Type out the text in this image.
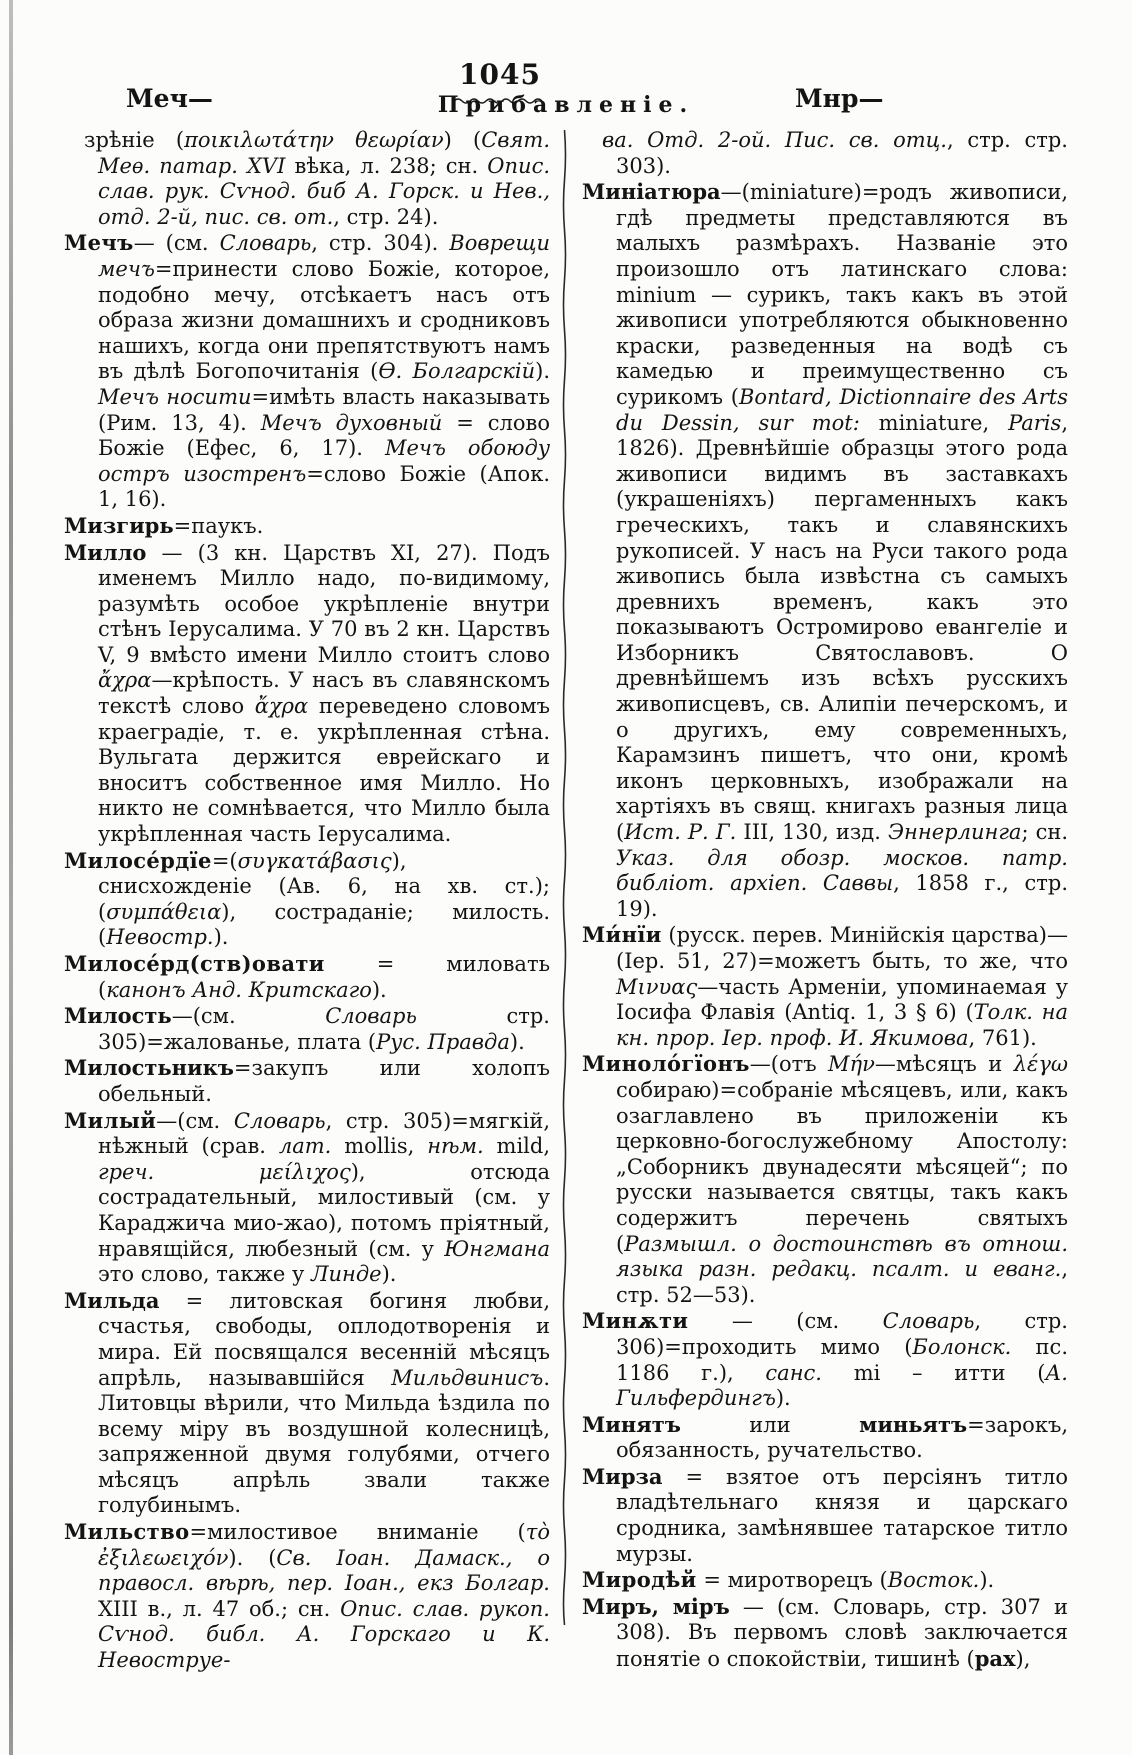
1045
Меч—	Прибавленіе.	Мнр—

зрѣніе (ποικιλωτάτην θεωρίαν) (Свят. Меѳ. патар. XVI вѣка, л. 238; сн. Опис. слав. рук. Сѵнод. биб А. Горск. и Нев., отд. 2-й, пис. св. от., стр. 24).

Мечъ— (см. Словарь, стр. 304). Воврещи мечъ=принести слово Божіе, которое, подобно мечу, отсѣкаетъ насъ отъ образа жизни домашнихъ и сродниковъ нашихъ, когда они препятствуютъ намъ въ дѣлѣ Богопочитанія (Ѳ. Болгарскій). Мечъ носити=имѣть власть наказывать (Рим. 13, 4). Мечъ духовный = слово Божіе (Ефес, 6, 17). Мечъ обоюду остръ изостренъ=слово Божіе (Апок. 1, 16).

Мизгирь=паукъ.

Милло — (3 кн. Царствъ XI, 27). Подъ именемъ Милло надо, по-видимому, разумѣть особое укрѣпленіе внутри стѣнъ Іерусалима. У 70 въ 2 кн. Царствъ V, 9 вмѣсто имени Милло стоитъ слово ἄχρα—крѣпость. У насъ въ славянскомъ текстѣ слово ἄχρα переведено словомъ краеградіе, т. е. укрѣпленная стѣна. Вульгата держится еврейскаго и вноситъ собственное имя Милло. Но никто не сомнѣвается, что Милло была укрѣпленная часть Іерусалима.

Милосе́рдїе=(συγκατάβασις), снисхожденіе (Ав. 6, на хв. ст.); (συμπάθεια), состраданіе; милость. (Невостр.).

Милосе́рд(ств)овати = миловать (канонъ Анд. Критскаго).

Милость—(см. Словарь стр. 305)=жалованье, плата (Рус. Правда).

Милостьникъ=закупъ или холопъ обельный.

Милый—(см. Словарь, стр. 305)=мягкій, нѣжный (срав. лат. mollis, нѣм. mild, греч.	μείλιχος), отсюда сострадательный, милостивый (см. у Караджича мио-жао), потомъ пріятный, нравящійся, любезный (см. у Юнгмана это слово, также у Линде).

Мильда = литовская богиня любви, счастья, свободы, оплодотворенія и мира. Ей посвящался весенній мѣсяцъ апрѣль, называвшійся Мильдвинисъ. Литовцы вѣрили, что Мильда ѣздила по всему міру въ воздушной колесницѣ, запряженной двумя голубями, отчего мѣсяцъ апрѣль звали также голубинымъ.

Мильство=милостивое вниманіе (τὸ ἐξιλεωειχόν). (Св. Іоан. Дамаск., о правосл. вѣрѣ, пер. Іоан., екз Болгар. XIII в., л. 47 об.; сн. Опис. слав. рукоп. Сѵнод. библ. А. Горскаго и К. Невоструе-

ва. Отд. 2-ой. Пис. св. отц., стр. стр. 303).

Миніатюра—(miniature)=родъ живописи, гдѣ предметы представляются въ малыхъ размѣрахъ. Названіе это произошло отъ латинскаго слова: minium — сурикъ, такъ какъ въ этой живописи употребляются обыкновенно краски, разведенныя на водѣ съ камедью и преимущественно съ сурикомъ (Bontard, Dictionnaire des Arts du Dessin, sur mot: miniature, Paris, 1826). Древнѣйшіе образцы этого рода живописи видимъ въ заставкахъ (украшеніяхъ) пергаменныхъ какъ греческихъ, такъ и славянскихъ рукописей. У насъ на Руси такого рода живопись была извѣстна съ самыхъ древнихъ временъ, какъ это показываютъ Остромирово евангеліе и Изборникъ Святославовъ. О древнѣйшемъ изъ всѣхъ русскихъ живописцевъ, св. Алипіи печерскомъ, и о другихъ, ему современныхъ, Карамзинъ пишетъ, что они, кромѣ иконъ церковныхъ, изображали на хартіяхъ въ свящ. книгахъ разныя лица (Ист. Р. Г. III, 130, изд. Эннерлинга; сн. Указ. для обозр. москов. патр. библіот. архіеп. Саввы, 1858 г., стр. 19).

Ми́нїи (русск. перев. Минійскія царства)— (Іер. 51, 27)=можетъ быть, то же, что Μινυας—часть Арменіи, упоминаемая у Іосифа Флавія (Antiq. 1, 3 § 6) (Толк. на кн. прор. Іер. проф. И. Якимова, 761).

Миноло́гїонъ—(отъ Μήν—мѣсяцъ и λέγω собираю)=собраніе мѣсяцевъ, или, какъ озаглавлено въ приложеніи къ церковно-богослужебному Апостолу: „Соборникъ двунадесяти мѣсяцей“; по русски называется святцы, такъ какъ содержитъ перечень святыхъ (Размышл. о достоинствѣ въ отнош. языка разн. редакц. псалт. и еванг., стр. 52—53).

Минѫти — (см. Словарь, стр. 306)=проходить мимо (Болонск. пс. 1186 г.), санс. mi – итти (А. Гильфердингъ).

Минятъ или миньятъ=зарокъ, обязанность, ручательство.

Мирза = взятое отъ персіянъ титло владѣтельнаго князя и царскаго сродника, замѣнявшее татарское титло мурзы.

Миродѣй = миротворецъ (Восток.).

Миръ, міръ — (см. Словарь, стр. 307 и 308). Въ первомъ словѣ заключается понятіе о спокойствіи, тишинѣ (pax),
